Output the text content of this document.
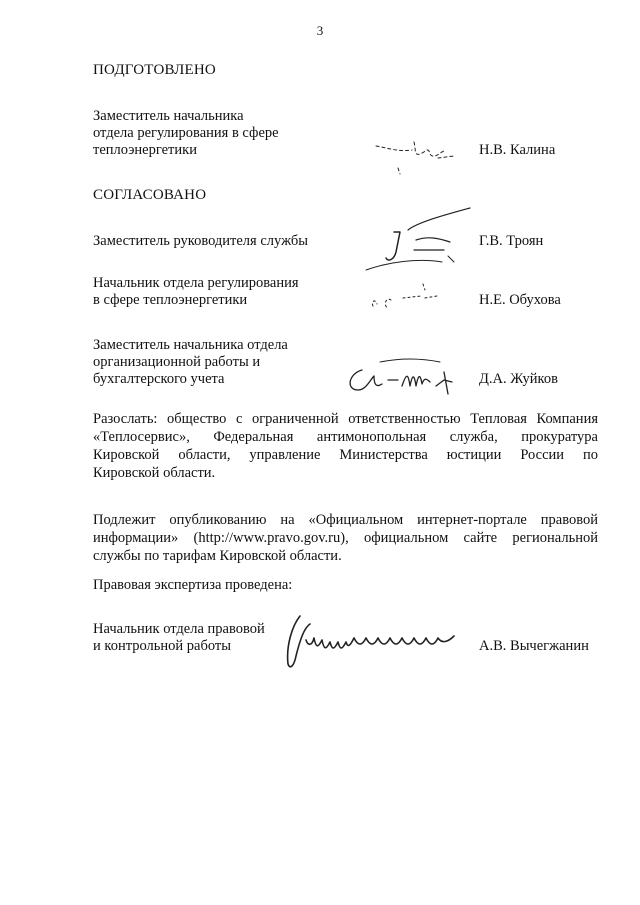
3
ПОДГОТОВЛЕНО
Заместитель начальника
отдела регулирования в сфере
теплоэнергетики	Н.В. Калина
СОГЛАСОВАНО
Заместитель руководителя службы	Г.В. Троян
Начальник отдела регулирования
в сфере теплоэнергетики	Н.Е. Обухова
Заместитель начальника отдела
организационной работы и
бухгалтерского учета	Д.А. Жуйков
Разослать: общество с ограниченной ответственностью Тепловая Компания
«Теплосервис», Федеральная антимонопольная служба, прокуратура
Кировской области, управление Министерства юстиции России по
Кировской области.
Подлежит опубликованию на «Официальном интернет-портале правовой
информации» (http://www.pravo.gov.ru), официальном сайте региональной
службы по тарифам Кировской области.
Правовая экспертиза проведена:
Начальник отдела правовой
и контрольной работы	А.В. Вычегжанин
